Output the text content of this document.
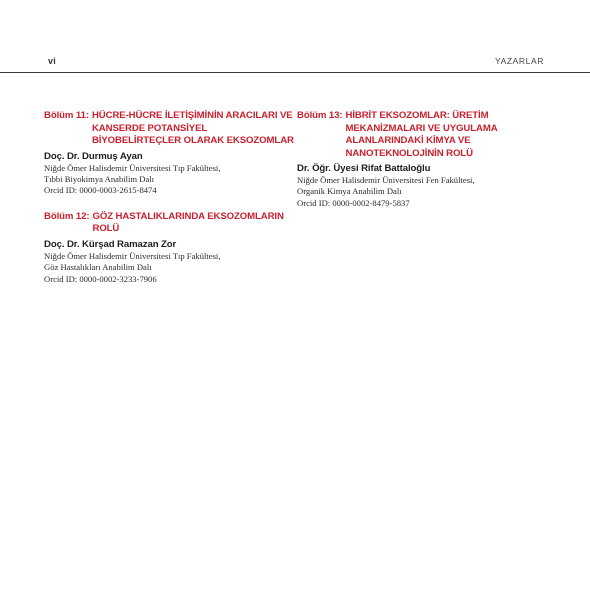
vi	YAZARLAR
Bölüm 11: HÜCRE-HÜCRE İLETİŞİMİNİN ARACILARI VE KANSERDE POTANSİYEL BİYOBELİRTEÇLER OLARAK EKSOZOMLAR
Doç. Dr. Durmuş Ayan
Niğde Ömer Halisdemir Üniversitesi Tıp Fakültesi,
Tıbbi Biyokimya Anabilim Dalı
Orcid ID: 0000-0003-2615-8474
Bölüm 12: GÖZ HASTALIKLARINDA EKSOZOMLARIN ROLÜ
Doç. Dr. Kürşad Ramazan Zor
Niğde Ömer Halisdemir Üniversitesi Tıp Fakültesi,
Göz Hastalıkları Anabilim Dalı
Orcid ID: 0000-0002-3233-7906
Bölüm 13: HİBRİT EKSOZOMLAR: ÜRETİM MEKANİZMALARI VE UYGULAMA ALANLARINDAKİ KİMYA VE NANOTEKNOLOJİNİN ROLÜ
Dr. Öğr. Üyesi Rifat Battaloğlu
Niğde Ömer Halisdemir Üniversitesi Fen Fakültesi,
Organik Kimya Anabilim Dalı
Orcid ID: 0000-0002-8479-5837
